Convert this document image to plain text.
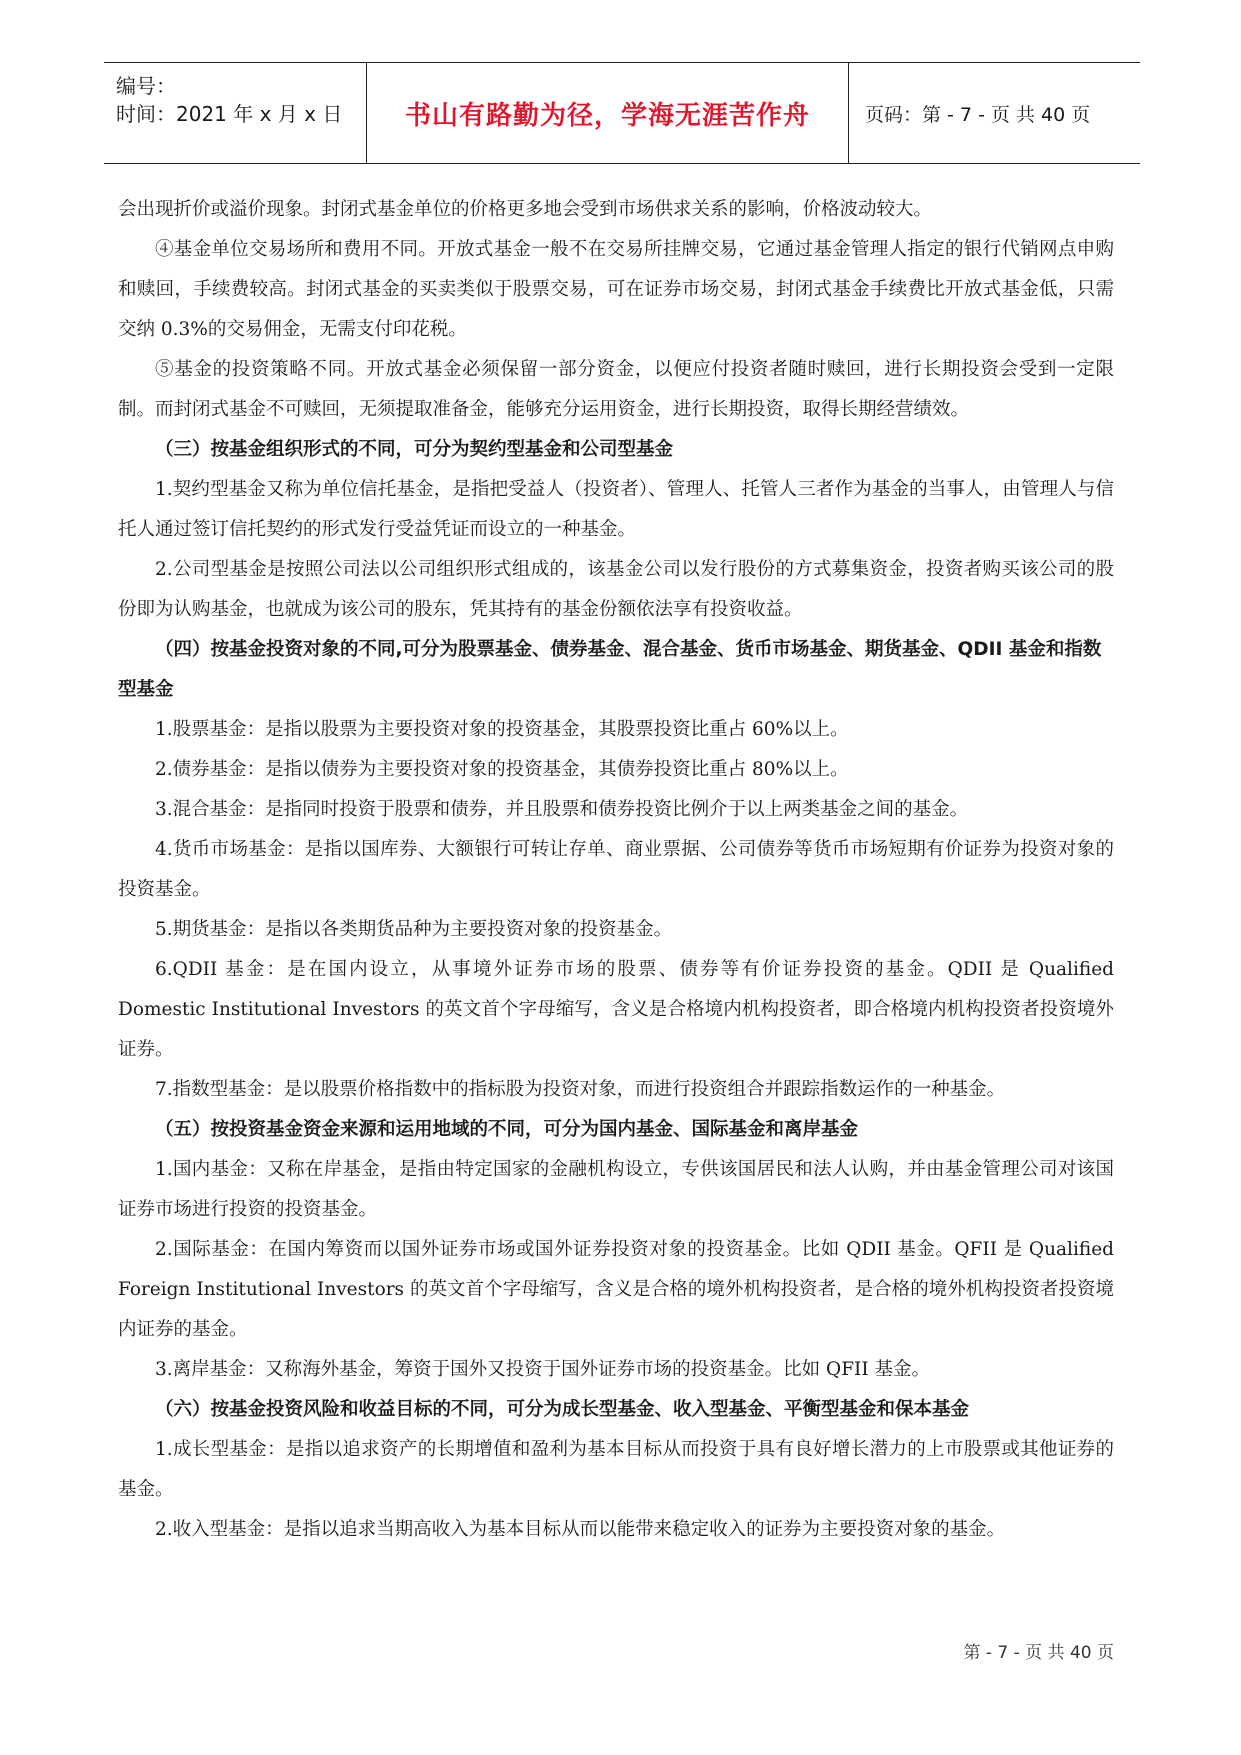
编号：
时间：2021 年 x 月 x 日	书山有路勤为径，学海无涯苦作舟	页码：第 - 7 - 页 共 40 页

会出现折价或溢价现象。封闭式基金单位的价格更多地会受到市场供求关系的影响，价格波动较大。

④基金单位交易场所和费用不同。开放式基金一般不在交易所挂牌交易，它通过基金管理人指定的银行代销网点申购和赎回，手续费较高。封闭式基金的买卖类似于股票交易，可在证券市场交易，封闭式基金手续费比开放式基金低，只需交纳 0.3%的交易佣金，无需支付印花税。

⑤基金的投资策略不同。开放式基金必须保留一部分资金，以便应付投资者随时赎回，进行长期投资会受到一定限制。而封闭式基金不可赎回，无须提取准备金，能够充分运用资金，进行长期投资，取得长期经营绩效。

（三）按基金组织形式的不同，可分为契约型基金和公司型基金

1.契约型基金又称为单位信托基金，是指把受益人（投资者）、管理人、托管人三者作为基金的当事人，由管理人与信托人通过签订信托契约的形式发行受益凭证而设立的一种基金。

2.公司型基金是按照公司法以公司组织形式组成的，该基金公司以发行股份的方式募集资金，投资者购买该公司的股份即为认购基金，也就成为该公司的股东，凭其持有的基金份额依法享有投资收益。

（四）按基金投资对象的不同,可分为股票基金、债券基金、混合基金、货币市场基金、期货基金、QDII 基金和指数型基金

1.股票基金：是指以股票为主要投资对象的投资基金，其股票投资比重占 60%以上。

2.债券基金：是指以债券为主要投资对象的投资基金，其债券投资比重占 80%以上。

3.混合基金：是指同时投资于股票和债券，并且股票和债券投资比例介于以上两类基金之间的基金。

4.货币市场基金：是指以国库券、大额银行可转让存单、商业票据、公司债券等货币市场短期有价证券为投资对象的投资基金。

5.期货基金：是指以各类期货品种为主要投资对象的投资基金。

6.QDII 基金：是在国内设立，从事境外证券市场的股票、债券等有价证券投资的基金。QDII 是 Qualified Domestic Institutional Investors 的英文首个字母缩写，含义是合格境内机构投资者，即合格境内机构投资者投资境外证券。

7.指数型基金：是以股票价格指数中的指标股为投资对象，而进行投资组合并跟踪指数运作的一种基金。

（五）按投资基金资金来源和运用地域的不同，可分为国内基金、国际基金和离岸基金

1.国内基金：又称在岸基金，是指由特定国家的金融机构设立，专供该国居民和法人认购，并由基金管理公司对该国证券市场进行投资的投资基金。

2.国际基金：在国内筹资而以国外证券市场或国外证券投资对象的投资基金。比如 QDII 基金。QFII 是 Qualified Foreign Institutional Investors 的英文首个字母缩写，含义是合格的境外机构投资者，是合格的境外机构投资者投资境内证券的基金。

3.离岸基金：又称海外基金，筹资于国外又投资于国外证券市场的投资基金。比如 QFII 基金。

（六）按基金投资风险和收益目标的不同，可分为成长型基金、收入型基金、平衡型基金和保本基金

1.成长型基金：是指以追求资产的长期增值和盈利为基本目标从而投资于具有良好增长潜力的上市股票或其他证券的基金。

2.收入型基金：是指以追求当期高收入为基本目标从而以能带来稳定收入的证券为主要投资对象的基金。

第 - 7 - 页 共 40 页
